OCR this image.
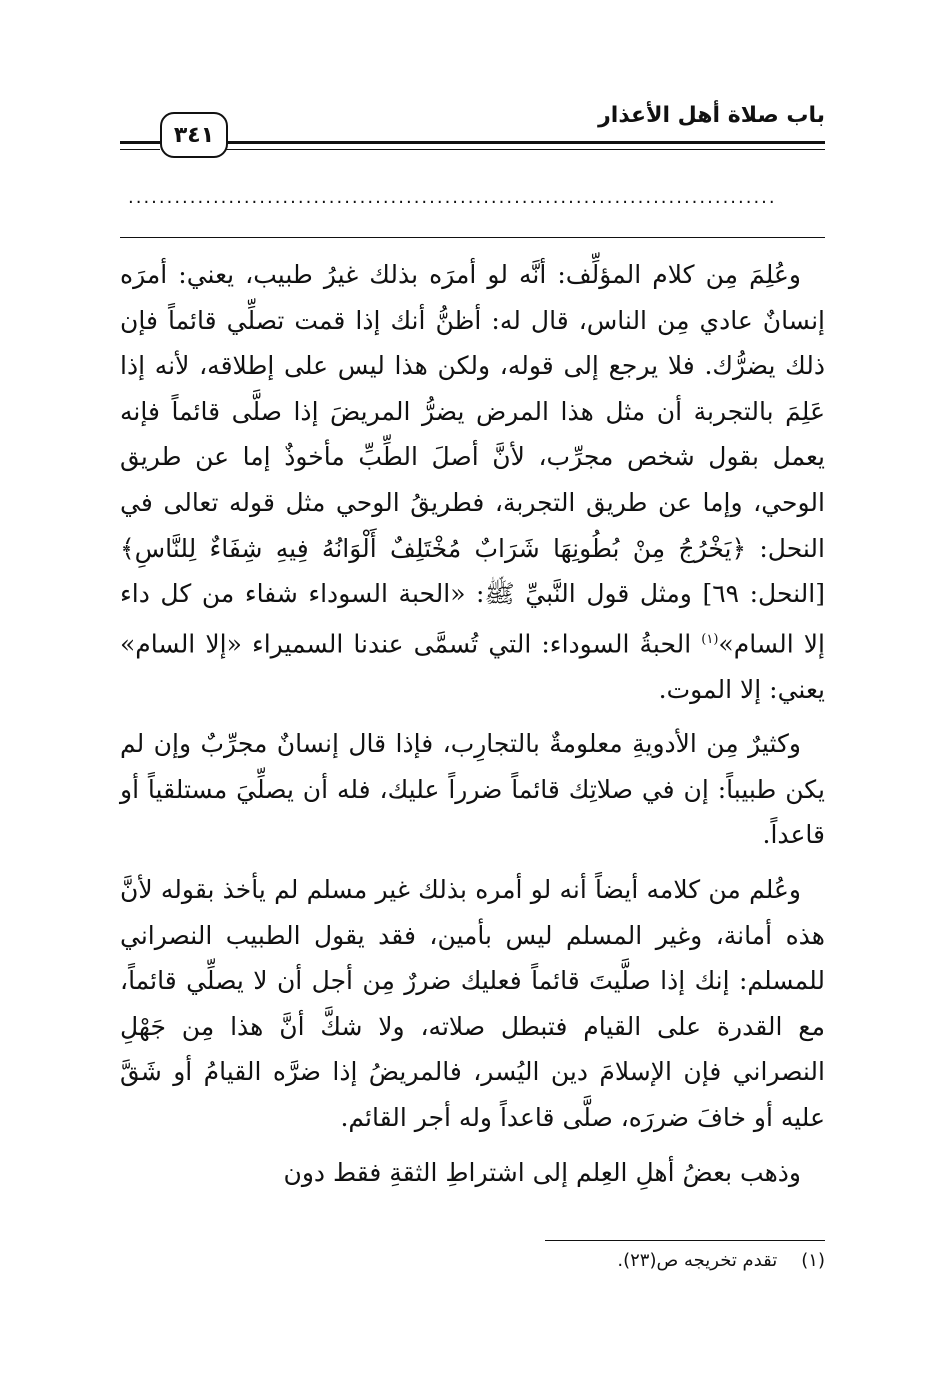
باب صلاة أهل الأعذار
٣٤١
....................................................................................

وعُلِمَ مِن كلام المؤلِّف: أنَّه لو أمرَه بذلك غيرُ طبيب، يعني: أمرَه إنسانٌ عادي مِن الناس، قال له: أظنُّ أنك إذا قمت تصلِّي قائماً فإن ذلك يضرُّك. فلا يرجع إلى قوله، ولكن هذا ليس على إطلاقه، لأنه إذا عَلِمَ بالتجربة أن مثل هذا المرض يضرُّ المريضَ إذا صلَّى قائماً فإنه يعمل بقول شخص مجرِّب، لأنَّ أصلَ الطِّبِّ مأخوذٌ إما عن طريق الوحي، وإما عن طريق التجربة، فطريقُ الوحي مثل قوله تعالى في النحل: ﴿يَخْرُجُ مِنْ بُطُونِهَا شَرَابٌ مُخْتَلِفٌ أَلْوَانُهُ فِيهِ شِفَاءٌ لِلنَّاسِ﴾ [النحل: ٦٩] ومثل قول النَّبيِّ ﷺ: «الحبة السوداء شفاء من كل داء إلا السام»$^{(١)}$ الحبةُ السوداء: التي تُسمَّى عندنا السميراء «إلا السام» يعني: إلا الموت.

وكثيرٌ مِن الأدويةِ معلومةٌ بالتجارِب، فإذا قال إنسانٌ مجرِّبٌ وإن لم يكن طبيباً: إن في صلاتِك قائماً ضرراً عليك، فله أن يصلِّيَ مستلقياً أو قاعداً.

وعُلم من كلامه أيضاً أنه لو أمره بذلك غير مسلم لم يأخذ بقوله لأنَّ هذه أمانة، وغير المسلم ليس بأمين، فقد يقول الطبيب النصراني للمسلم: إنك إذا صلَّيتَ قائماً فعليك ضررٌ مِن أجل أن لا يصلِّي قائماً، مع القدرة على القيام فتبطل صلاته، ولا شكَّ أنَّ هذا مِن جَهْلِ النصراني فإن الإسلامَ دين اليُسر، فالمريضُ إذا ضرَّه القيامُ أو شَقَّ عليه أو خافَ ضررَه، صلَّى قاعداً وله أجر القائم.

وذهب بعضُ أهلِ العِلم إلى اشتراطِ الثقةِ فقط دون

(١)تقدم تخريجه ص(٢٣).
